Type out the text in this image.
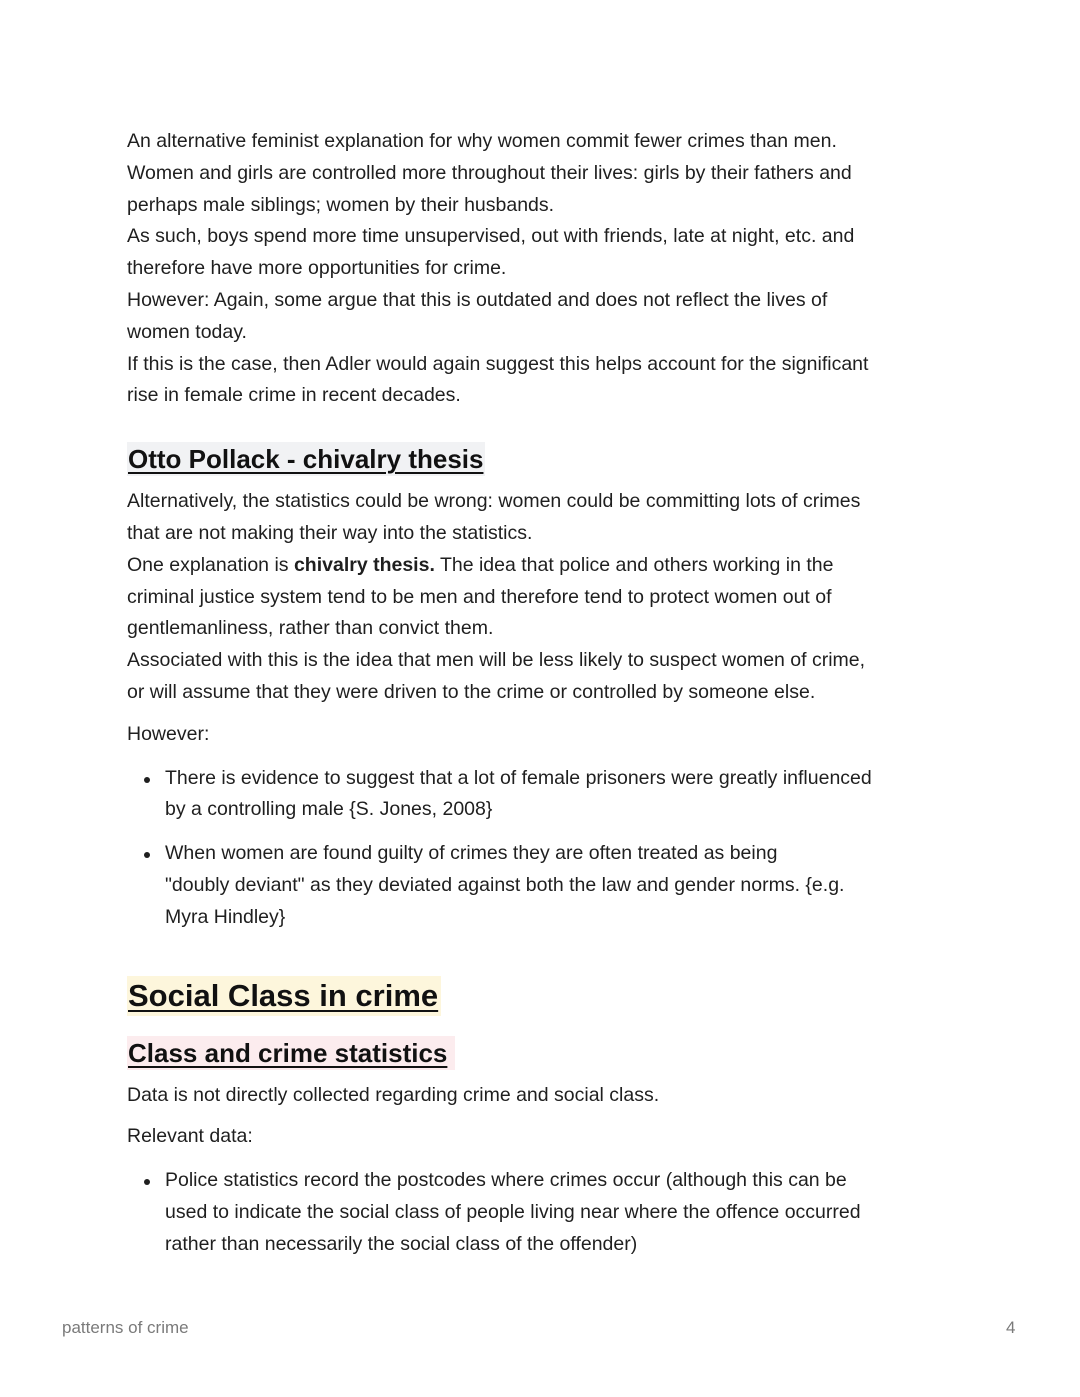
An alternative feminist explanation for why women commit fewer crimes than men.

Women and girls are controlled more throughout their lives: girls by their fathers and

perhaps male siblings; women by their husbands.

As such, boys spend more time unsupervised, out with friends, late at night, etc. and

therefore have more opportunities for crime.

However: Again, some argue that this is outdated and does not reflect the lives of

women today.

If this is the case, then Adler would again suggest this helps account for the significant

rise in female crime in recent decades.

Otto Pollack - chivalry thesis

Alternatively, the statistics could be wrong: women could be committing lots of crimes

that are not making their way into the statistics.

One explanation is chivalry thesis. The idea that police and others working in the

criminal justice system tend to be men and therefore tend to protect women out of

gentlemanliness, rather than convict them.

Associated with this is the idea that men will be less likely to suspect women of crime,

or will assume that they were driven to the crime or controlled by someone else.

However:

There is evidence to suggest that a lot of female prisoners were greatly influenced
by a controlling male {S. Jones, 2008}
When women are found guilty of crimes they are often treated as being
"doubly deviant" as they deviated against both the law and gender norms. {e.g.
Myra Hindley}
Social Class in crime
Class and crime statistics

Data is not directly collected regarding crime and social class.

Relevant data:

Police statistics record the postcodes where crimes occur (although this can be
used to indicate the social class of people living near where the offence occurred
rather than necessarily the social class of the offender)
patterns of crime	4
